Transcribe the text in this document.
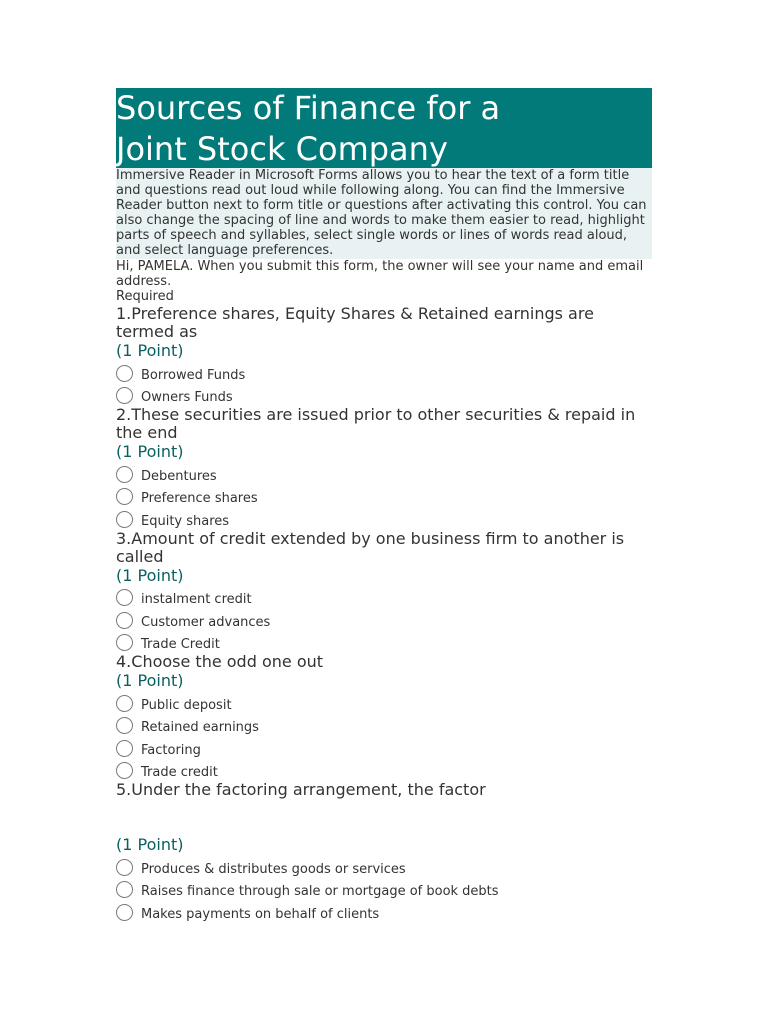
Sources of Finance for a
Joint Stock Company
Immersive Reader in Microsoft Forms allows you to hear the text of a form title and questions read out loud while following along. You can find the Immersive Reader button next to form title or questions after activating this control. You can also change the spacing of line and words to make them easier to read, highlight parts of speech and syllables, select single words or lines of words read aloud, and select language preferences.
Hi, PAMELA. When you submit this form, the owner will see your name and email address.
Required
1.Preference shares, Equity Shares & Retained earnings are termed as
(1 Point)
Borrowed Funds
Owners Funds
2.These securities are issued prior to other securities & repaid in the end
(1 Point)
Debentures
Preference shares
Equity shares
3.Amount of credit extended by one business firm to another is called
(1 Point)
instalment credit
Customer advances
Trade Credit
4.Choose the odd one out
(1 Point)
Public deposit
Retained earnings
Factoring
Trade credit
5.Under the factoring arrangement, the factor
(1 Point)
Produces & distributes goods or services
Raises finance through sale or mortgage of book debts
Makes payments on behalf of clients
